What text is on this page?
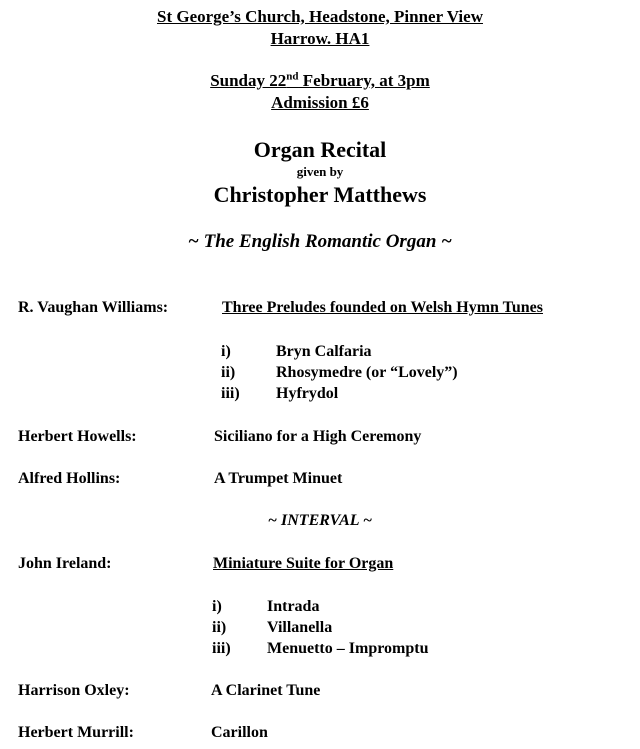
St George’s Church, Headstone, Pinner View
Harrow. HA1
Sunday 22nd February, at 3pm
Admission £6
Organ Recital
given by
Christopher Matthews
~ The English Romantic Organ ~
R. Vaughan Williams:	Three Preludes founded on Welsh Hymn Tunes
i)	Bryn Calfaria
ii)	Rhosymedre (or “Lovely”)
iii) Hyfrydol
Herbert Howells:	Siciliano for a High Ceremony
Alfred Hollins:	A Trumpet Minuet
~ INTERVAL ~
John Ireland:	Miniature Suite for Organ
i)	Intrada
ii)	Villanella
iii) Menuetto – Impromptu
Harrison Oxley:	A Clarinet Tune
Herbert Murrill:	Carillon
